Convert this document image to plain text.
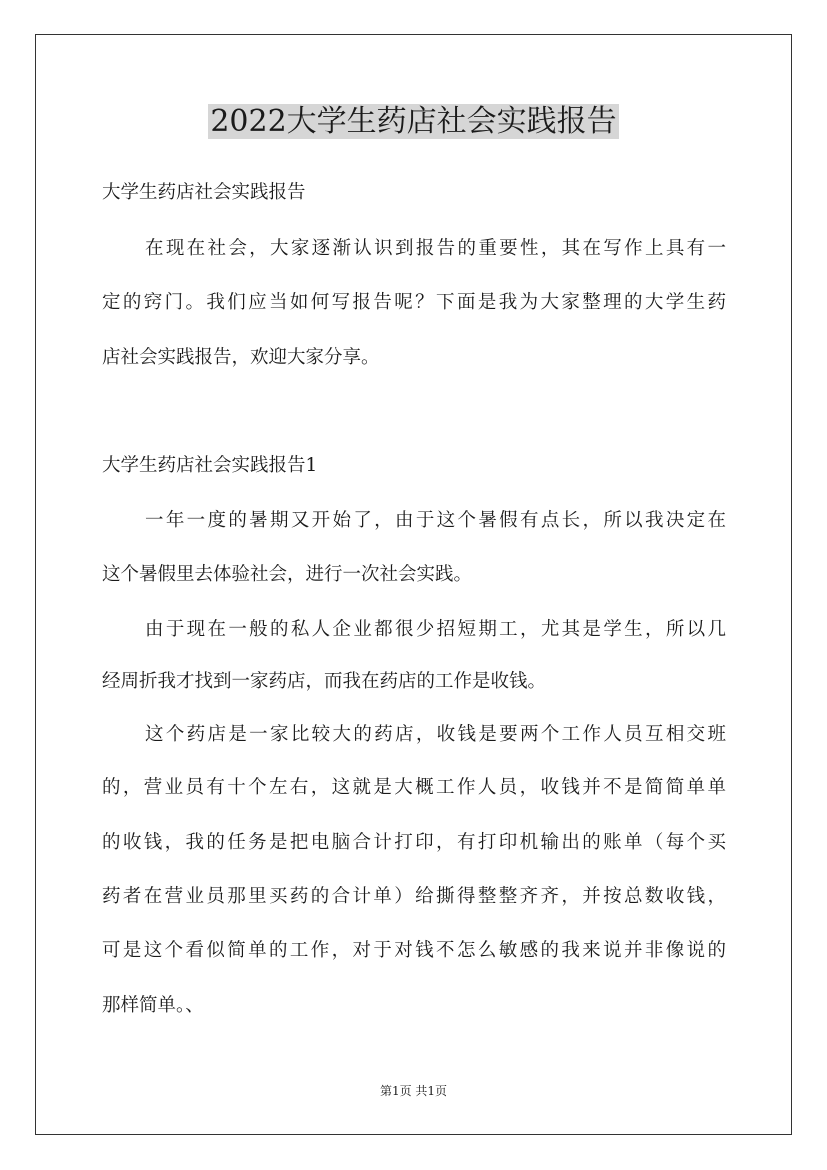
2022大学生药店社会实践报告

大学生药店社会实践报告

在现在社会，大家逐渐认识到报告的重要性，其在写作上具有一

定的窍门。我们应当如何写报告呢？下面是我为大家整理的大学生药

店社会实践报告，欢迎大家分享。

大学生药店社会实践报告1

一年一度的暑期又开始了，由于这个暑假有点长，所以我决定在

这个暑假里去体验社会，进行一次社会实践。

由于现在一般的私人企业都很少招短期工，尤其是学生，所以几

经周折我才找到一家药店，而我在药店的工作是收钱。

这个药店是一家比较大的药店，收钱是要两个工作人员互相交班

的，营业员有十个左右，这就是大概工作人员，收钱并不是简简单单

的收钱，我的任务是把电脑合计打印，有打印机输出的账单（每个买

药者在营业员那里买药的合计单）给撕得整整齐齐，并按总数收钱，

可是这个看似简单的工作，对于对钱不怎么敏感的我来说并非像说的

那样简单。、

第1页 共1页
